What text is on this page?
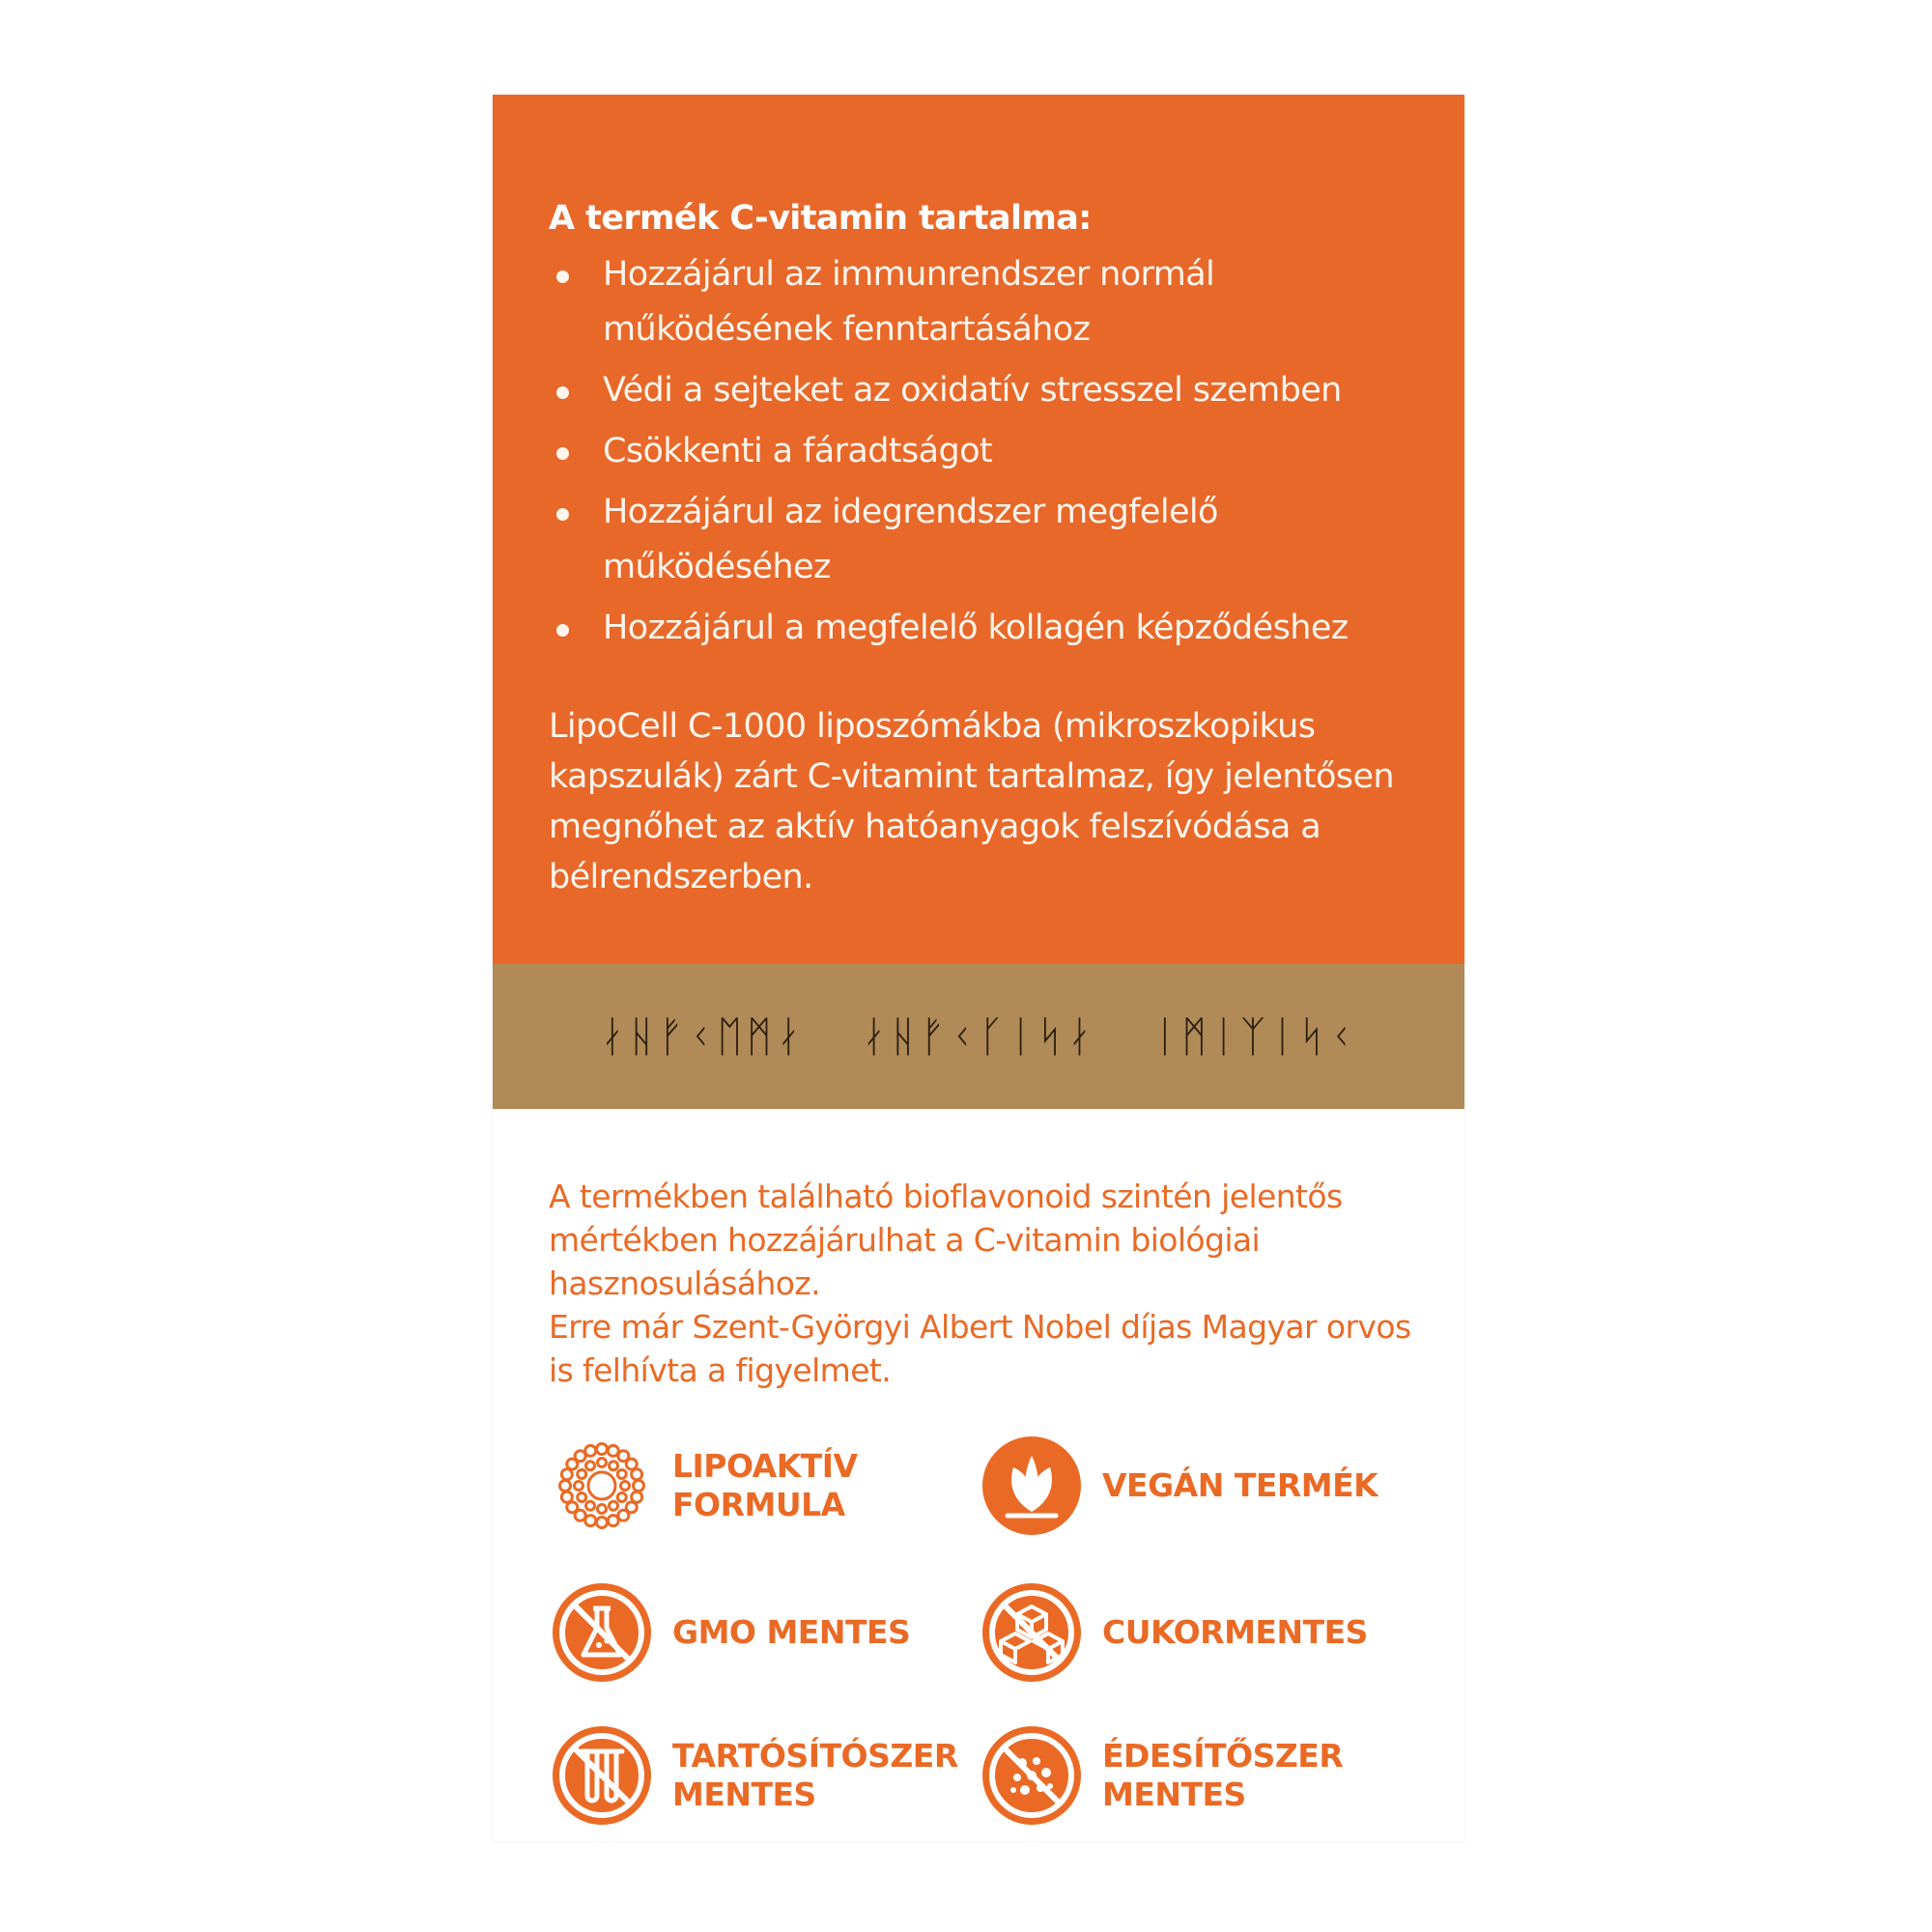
A termék C-vitamin tartalma:
Hozzájárul az immunrendszer normál működésének fenntartásához
Védi a sejteket az oxidatív stresszel szemben
Csökkenti a fáradtságot
Hozzájárul az idegrendszer megfelelő működéséhez
Hozzájárul a megfelelő kollagén képződéshez
LipoCell C-1000 liposzómákba (mikroszkopikus kapszulák) zárt C-vitamint tartalmaz, így jelentősen megnőhet az aktív hatóanyagok felszívódása a bélrendszerben.
ᛅᚺᚠᚲᛖᛗᛅ ᛅᚺᚠᚲᚴᛁᛋᛅ ᛁᛗᛁᛉᛁᛋᚲ

A termékben található bioflavonoid szintén jelentős mértékben hozzájárulhat a C-vitamin biológiai hasznosulásához.

Erre már Szent-Györgyi Albert Nobel díjas Magyar orvos is felhívta a figyelmet.

LIPOAKTÍV
FORMULA
VEGÁN TERMÉK
GMO MENTES	CUKORMENTES
TARTÓSÍTÓSZER
MENTES
ÉDESÍTŐSZER
MENTES
